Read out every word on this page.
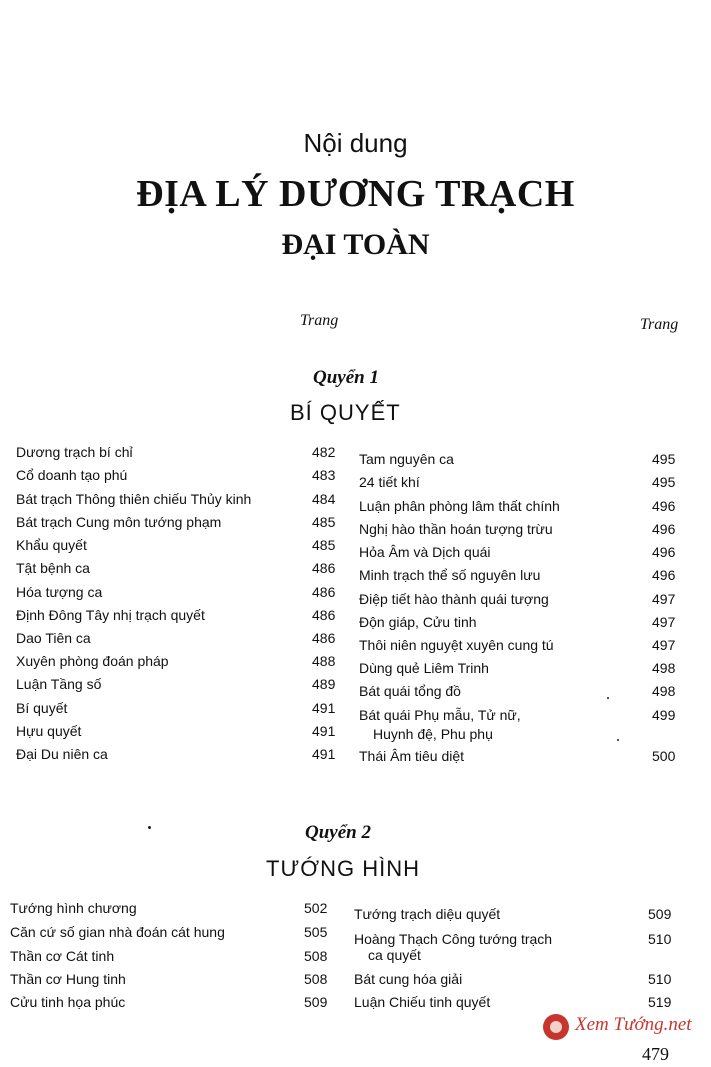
Nội dung
ĐỊA LÝ DƯƠNG TRẠCH
ĐẠI TOÀN
Trang	Trang
Quyển 1
BÍ QUYẾT
Dương trạch bí chỉ	482
Cổ doanh tạo phú	483
Bát trạch Thông thiên chiếu Thủy kinh	484
Bát trạch Cung môn tướng phạm	485
Khẩu quyết	485
Tật bệnh ca	486
Hóa tượng ca	486
Định Đông Tây nhị trạch quyết	486
Dao Tiên ca	486
Xuyên phòng đoán pháp	488
Luận Tầng số	489
Bí quyết	491
Hựu quyết	491
Đại Du niên ca	491
Tam nguyên ca	495
24 tiết khí	495
Luận phân phòng lâm thất chính	496
Nghị hào thần hoán tượng trừu	496
Hỏa Âm và Dịch quái	496
Minh trạch thể số nguyên lưu	496
Điệp tiết hào thành quái tượng	497
Độn giáp, Cửu tinh	497
Thôi niên nguyệt xuyên cung tú	497
Dùng quẻ Liêm Trinh	498
Bát quái tổng đồ	498
Bát quái Phụ mẫu, Tử nữ,	499
Huynh đệ, Phu phụ
Thái Âm tiêu diệt	500
Quyển 2
TƯỚNG HÌNH
Tướng hình chương	502
Căn cứ số gian nhà đoán cát hung	505
Thần cơ Cát tinh	508
Thần cơ Hung tinh	508
Cửu tinh họa phúc	509
Tướng trạch diệu quyết	509
Hoàng Thạch Công tướng trạch	510
ca quyết
Bát cung hóa giải	510
Luận Chiếu tinh quyết	519
Xem Tướng.net
479
